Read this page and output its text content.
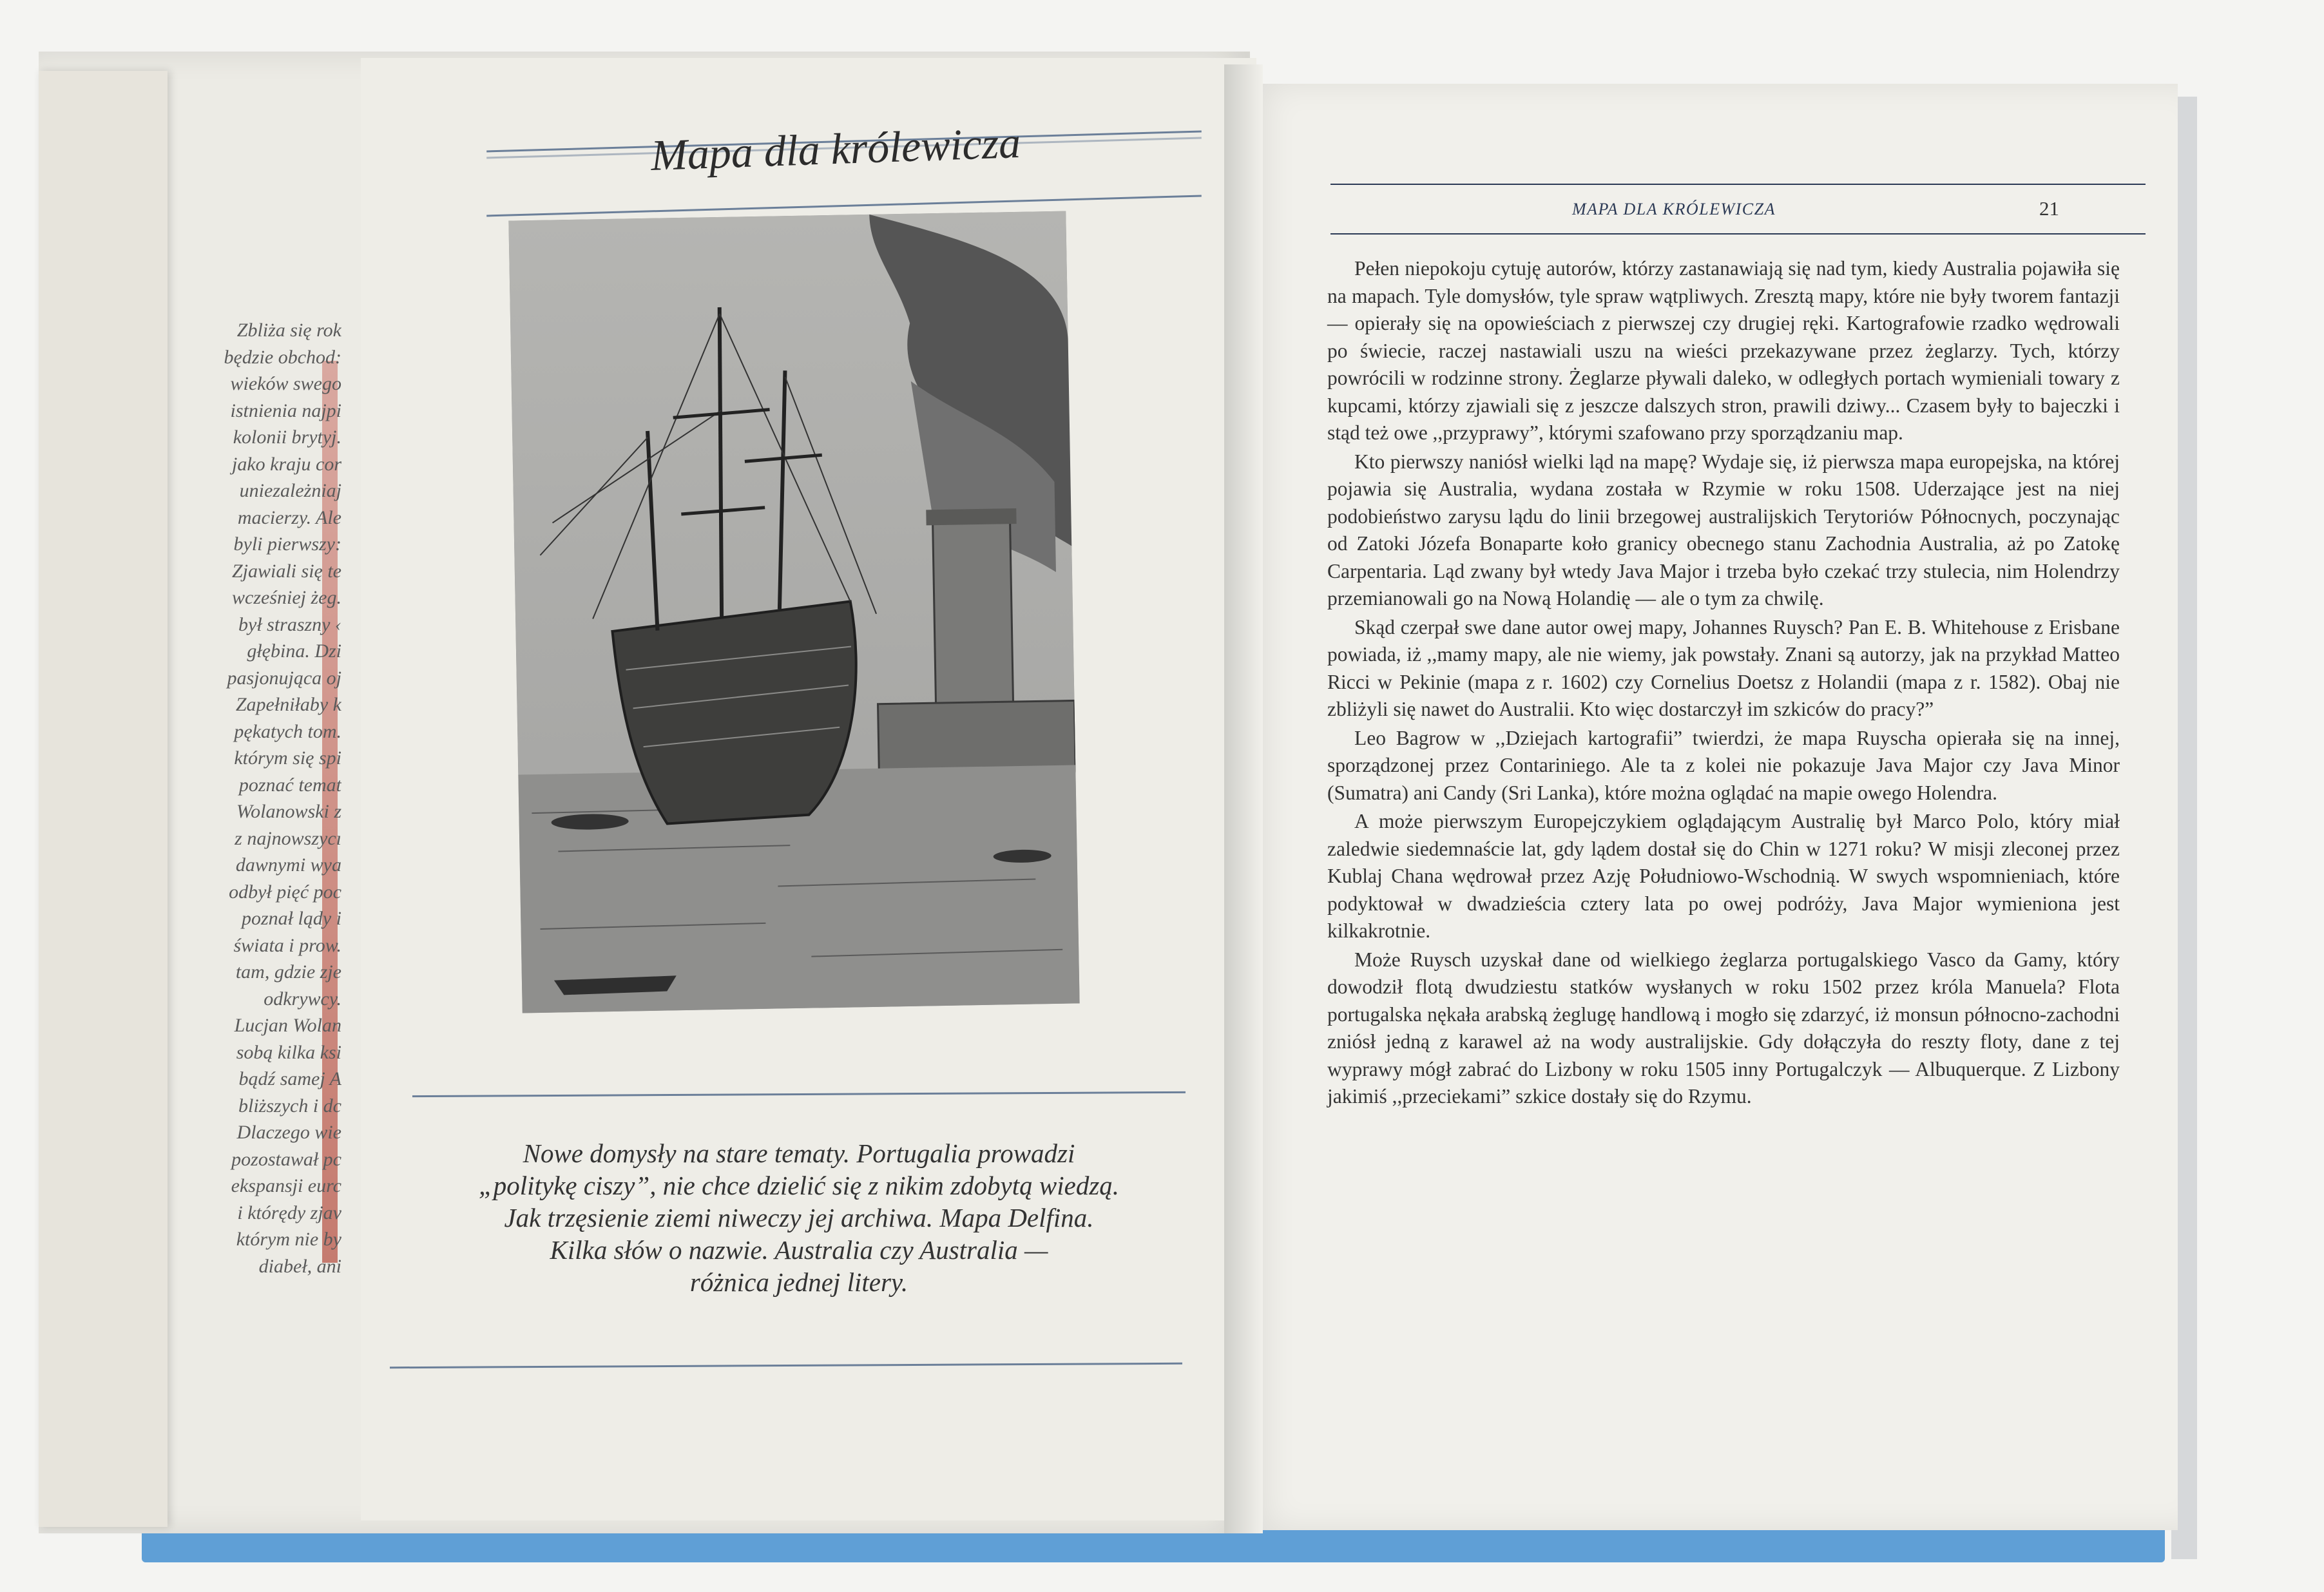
Zbliża się rok
będzie obchod:
wieków swego
istnienia najpi
kolonii brytyj.
jako kraju cor
uniezależniaj
macierzy. Ale
byli pierwszy:
Zjawiali się te
wcześniej żeg.
był straszny ‹
głębina. Dzi
pasjonująca oj
Zapełniłaby k
pękatych tom.
którym się spi
poznać temat
Wolanowski z
z najnowszycı
dawnymi wya
odbył pięć poc
poznał lądy i
świata i prow.
tam, gdzie zje
odkrywcy.
Lucjan Wolan
sobą kilka ksi
bądź samej A
bliższych i dc
Dlaczego wie
pozostawał pc
ekspansji eurc
i którędy zjav
którym nie by
diabeł, ani
Mapa dla królewicza
Nowe domysły na stare tematy. Portugalia prowadzi
„politykę ciszy”, nie chce dzielić się z nikim zdobytą wiedzą.
Jak trzęsienie ziemi niweczy jej archiwa. Mapa Delfina.
Kilka słów o nazwie. Australia czy Australia —
różnica jednej litery.
MAPA DLA KRÓLEWICZA	21

Pełen niepokoju cytuję autorów, którzy zastanawiają się nad tym, kiedy Australia pojawiła się na mapach. Tyle domysłów, tyle spraw wątpliwych. Zresztą mapy, które nie były tworem fantazji — opierały się na opowieściach z pierwszej czy drugiej ręki. Kartografowie rzadko wędrowali po świecie, raczej nastawiali uszu na wieści przekazywane przez żeglarzy. Tych, którzy powrócili w rodzinne strony. Żeglarze pływali daleko, w odległych portach wymieniali towary z kupcami, którzy zjawiali się z jeszcze dalszych stron, prawili dziwy... Czasem były to bajeczki i stąd też owe ,,przyprawy”, którymi szafowano przy sporządzaniu map.

Kto pierwszy naniósł wielki ląd na mapę? Wydaje się, iż pierwsza mapa europejska, na której pojawia się Australia, wydana została w Rzymie w roku 1508. Uderzające jest na niej podobieństwo zarysu lądu do linii brzegowej australijskich Terytoriów Północnych, poczynając od Zatoki Józefa Bonaparte koło granicy obecnego stanu Zachodnia Australia, aż po Zatokę Carpentaria. Ląd zwany był wtedy Java Major i trzeba było czekać trzy stulecia, nim Holendrzy przemianowali go na Nową Holandię — ale o tym za chwilę.

Skąd czerpał swe dane autor owej mapy, Johannes Ruysch? Pan E. B. Whitehouse z Erisbane powiada, iż ,,mamy mapy, ale nie wiemy, jak powstały. Znani są autorzy, jak na przykład Matteo Ricci w Pekinie (mapa z r. 1602) czy Cornelius Doetsz z Holandii (mapa z r. 1582). Obaj nie zbliżyli się nawet do Australii. Kto więc dostarczył im szkiców do pracy?”

Leo Bagrow w ,,Dziejach kartografii” twierdzi, że mapa Ruyscha opierała się na innej, sporządzonej przez Contariniego. Ale ta z kolei nie pokazuje Java Major czy Java Minor (Sumatra) ani Candy (Sri Lanka), które można oglądać na mapie owego Holendra.

A może pierwszym Europejczykiem oglądającym Australię był Marco Polo, który miał zaledwie siedemnaście lat, gdy lądem dostał się do Chin w 1271 roku? W misji zleconej przez Kublaj Chana wędrował przez Azję Południowo-Wschodnią. W swych wspomnieniach, które podyktował w dwadzieścia cztery lata po owej podróży, Java Major wymieniona jest kilkakrotnie.

Może Ruysch uzyskał dane od wielkiego żeglarza portugalskiego Vasco da Gamy, który dowodził flotą dwudziestu statków wysłanych w roku 1502 przez króla Manuela? Flota portugalska nękała arabską żeglugę handlową i mogło się zdarzyć, iż monsun północno-zachodni zniósł jedną z karawel aż na wody australijskie. Gdy dołączyła do reszty floty, dane z tej wyprawy mógł zabrać do Lizbony w roku 1505 inny Portugalczyk — Albuquerque. Z Lizbony jakimiś ,,przeciekami” szkice dostały się do Rzymu.
